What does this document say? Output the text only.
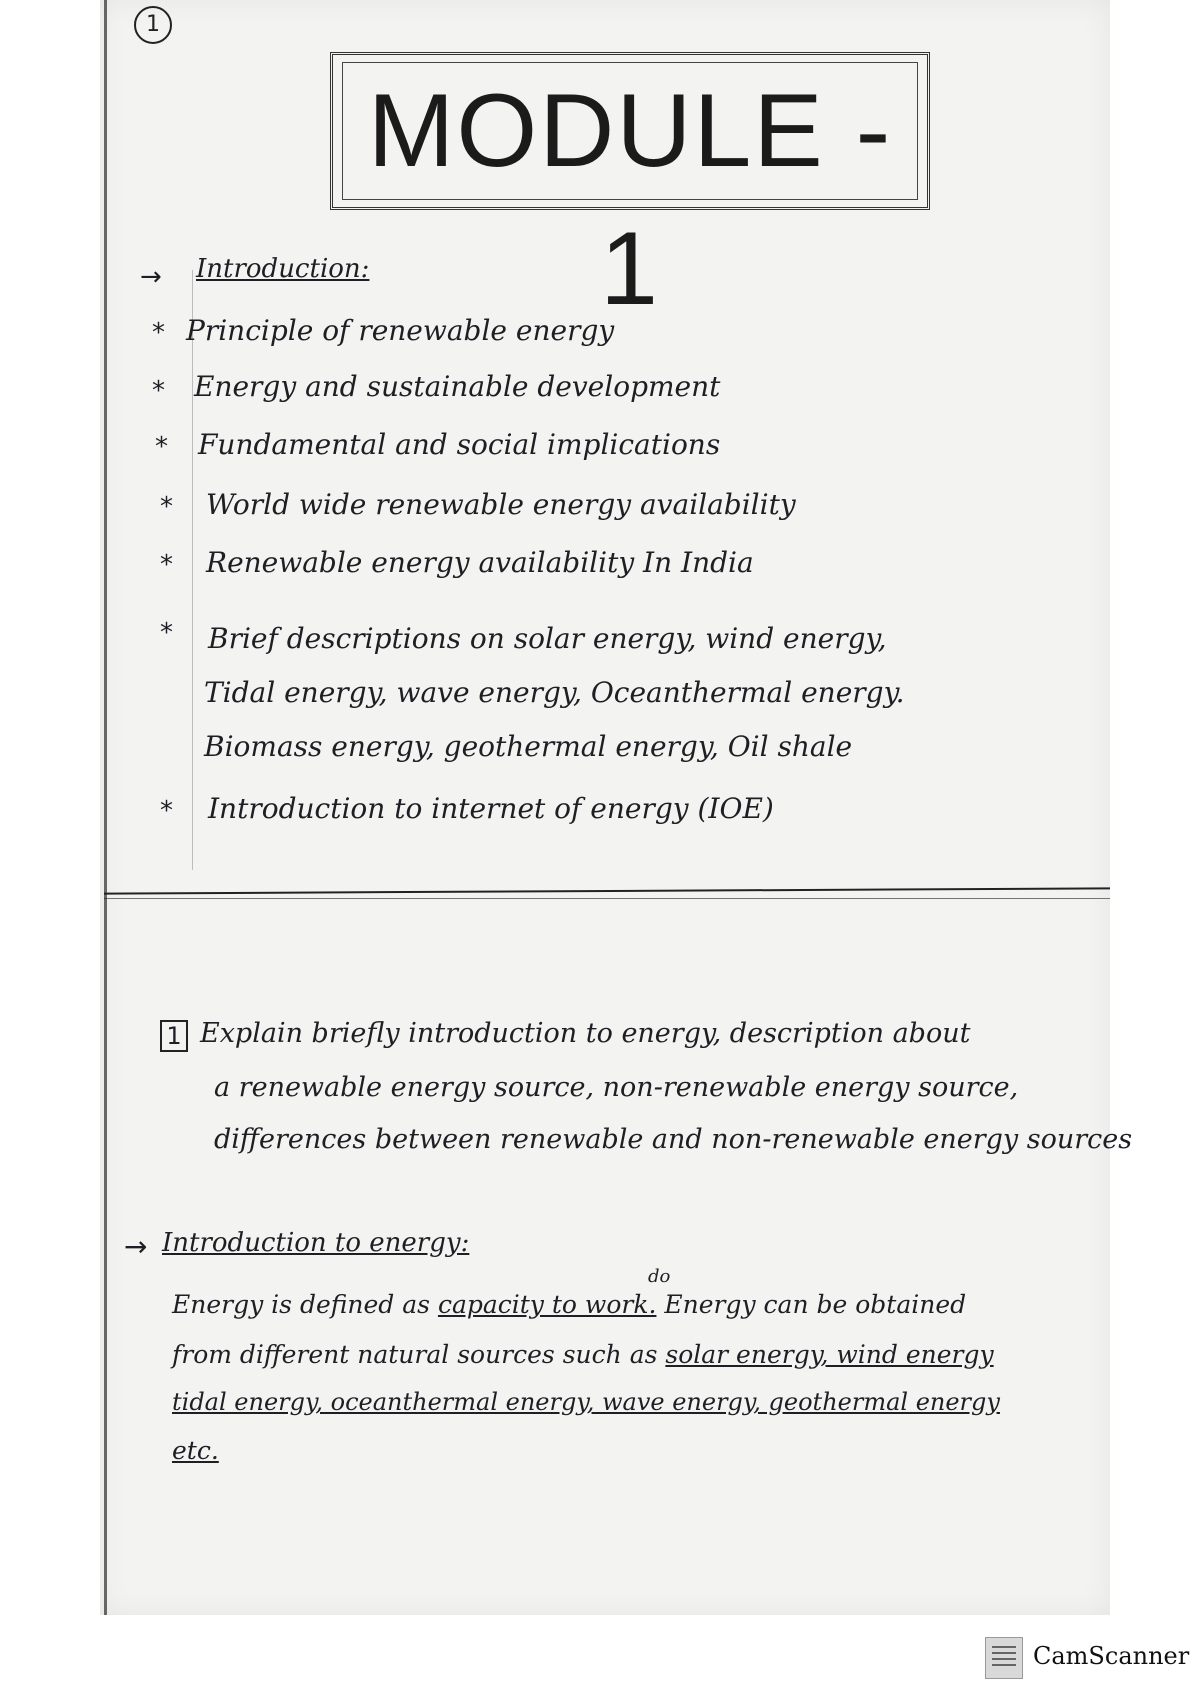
1
MODULE - 1
→ Introduction:
* Principle of renewable energy
* Energy and sustainable development
* Fundamental and social implications
* World wide renewable energy availability
* Renewable energy availability In India
* Brief descriptions on solar energy, wind energy,
Tidal energy, wave energy, Oceanthermal energy.
Biomass energy, geothermal energy, Oil shale
* Introduction to internet of energy (IOE)
1 Explain briefly introduction to energy, description about
a renewable energy source, non-renewable energy source,
differences between renewable and non-renewable energy sources
→ Introduction to energy:
do
Energy is defined as capacity to work. Energy can be obtained
from different natural sources such as solar energy, wind energy
tidal energy, oceanthermal energy, wave energy, geothermal energy
etc.
CamScanner
